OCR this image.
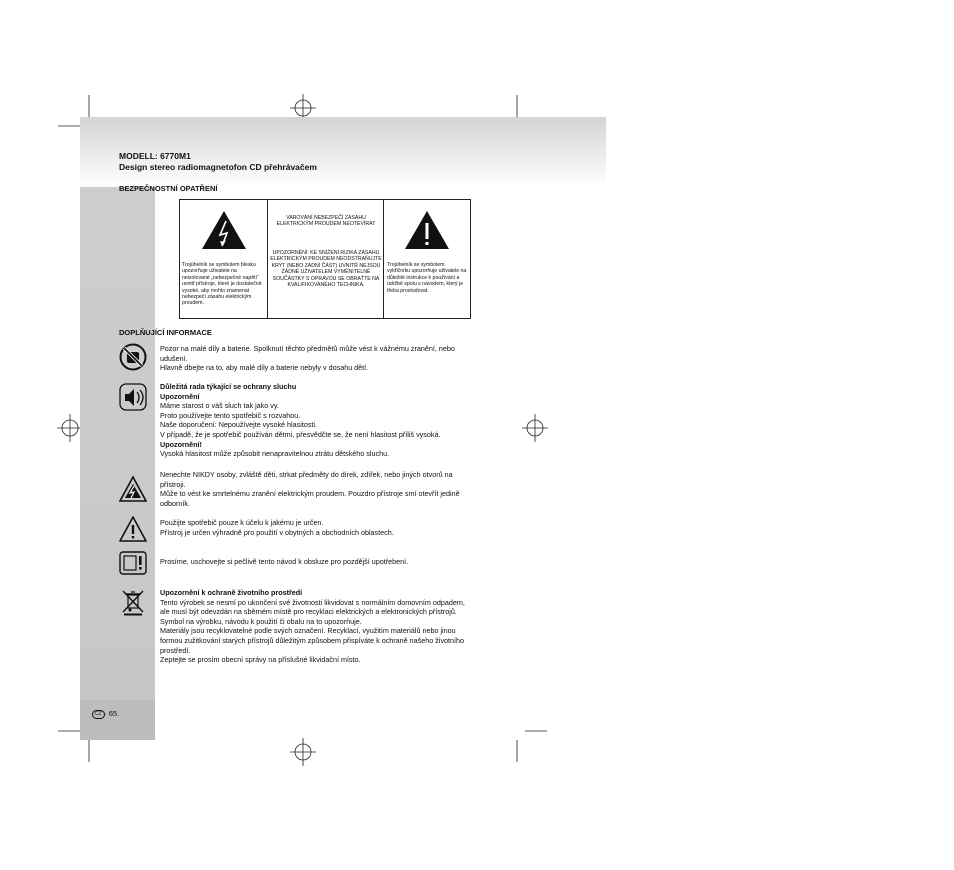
MODELL: 6770M1
Design stereo radiomagnetofon CD přehrávačem
BEZPEČNOSTNÍ OPATŘENÍ
Trojúhelník se symbolem blesku upozorňuje uživatele na neizolované „nebezpečné napětí“ uvnitř přístroje, které je dostatečně vysoké, aby mohlo znamenat nebezpečí zásahu elektrickým proudem.
VAROVÁNÍ NEBEZPEČÍ ZÁSAHU ELEKTRICKÝM PROUDEM NEOTEVÍRAT
UPOZORNĚNÍ: KE SNÍŽENÍ RIZIKA ZÁSAHU ELEKTRICKÝM PROUDEM NEODSTRAŇUJTE KRYT (NEBO ZADNÍ ČÁST) UVNITŘ NEJSOU ŽÁDNÉ UŽIVATELEM VYMĚNITELNÉ SOUČÁSTKY S OPRAVOU SE OBRAŤTE NA KVALIFIKOVANÉHO TECHNIKA.
Trojúhelník se symbolem vykřičníku upozorňuje uživatele na důležité instrukce k používání a údržbě spolu s návodem, který je třeba prostudovat.
DOPLŇUJÍCÍ INFORMACE
Pozor na malé díly a baterie. Spolknutí těchto předmětů může vést k vážnému zranění, nebo
udušení.
Hlavně dbejte na to, aby malé díly a baterie nebyly v dosahu dětí.
Důležitá rada týkající se ochrany sluchu
Upozornění
Máme starost o váš sluch tak jako vy.
Proto používejte tento spotřebič s rozvahou.
Naše doporučení: Nepoužívejte vysoké hlasitosti.
V případě, že je spotřebič používán dětmi, přesvědčte se, že není hlasitost příliš vysoká.
Upozornění!
Vysoká hlasitost může způsobit nenapravitelnou ztrátu dětského sluchu.
Nenechte NIKDY osoby, zvláště děti, strkat předměty do dírek, zdířek, nebo jiných otvorů na
přístroji.
Může to vést ke smrtelnému zranění elektrickým proudem. Pouzdro přístroje smí otevřít jedině
odborník.
Použijte spotřebič pouze k účelu k jakému je určen.
Přístroj je určen výhradně pro použití v obytných a obchodních oblastech.
Prosíme, uschovejte si pečlivě tento návod k obsluze pro pozdější upotřebení.
Upozornění k ochraně životního prostředí
Tento výrobek se nesmí po ukončení své životnosti likvidovat s normálním domovním odpadem,
ale musí být odevzdán na sběrném místě pro recyklaci elektrických a elektronických přístrojů.
Symbol na výrobku, návodu k použití či obalu na to upozorňuje.
Materiály jsou recyklovatelné podle svých označení. Recyklací, využitím materiálů nebo jinou
formou zužitkování starých přístrojů důležitým způsobem přispíváte k ochraně našeho životního
prostředí.
Zeptejte se prosím obecní správy na příslušné likvidační místo.
CZ 65.
